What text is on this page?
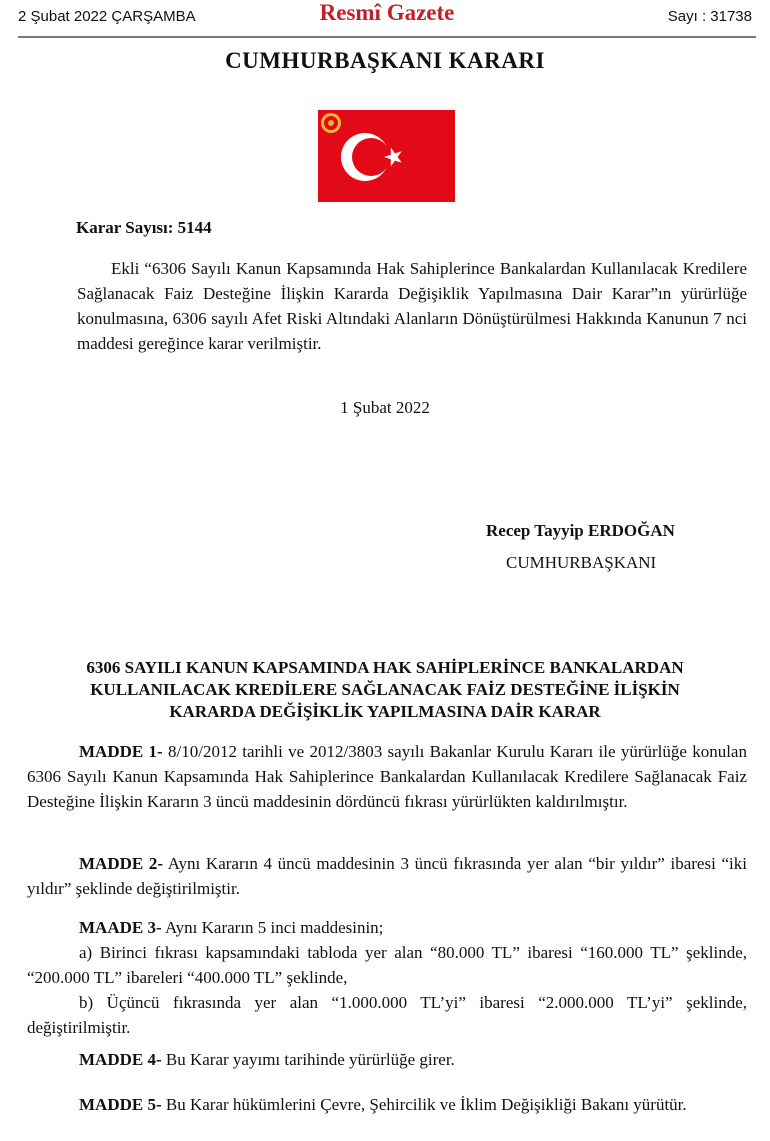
2 Şubat 2022 ÇARŞAMBA	Resmî Gazete	Sayı : 31738
CUMHURBAŞKANI KARARI
Karar Sayısı: 5144
Ekli “6306 Sayılı Kanun Kapsamında Hak Sahiplerince Bankalardan Kullanılacak Kredilere Sağlanacak Faiz Desteğine İlişkin Kararda Değişiklik Yapılmasına Dair Karar”ın yürürlüğe konulmasına, 6306 sayılı Afet Riski Altındaki Alanların Dönüştürülmesi Hakkında Kanunun 7 nci maddesi gereğince karar verilmiştir.
1 Şubat 2022
Recep Tayyip ERDOĞAN
CUMHURBAŞKANI
6306 SAYILI KANUN KAPSAMINDA HAK SAHİPLERİNCE BANKALARDAN
KULLANILACAK KREDİLERE SAĞLANACAK FAİZ DESTEĞİNE İLİŞKİN
KARARDA DEĞİŞİKLİK YAPILMASINA DAİR KARAR
MADDE 1- 8/10/2012 tarihli ve 2012/3803 sayılı Bakanlar Kurulu Kararı ile yürürlüğe konulan 6306 Sayılı Kanun Kapsamında Hak Sahiplerince Bankalardan Kullanılacak Kredilere Sağlanacak Faiz Desteğine İlişkin Kararın 3 üncü maddesinin dördüncü fıkrası yürürlükten kaldırılmıştır.
MADDE 2- Aynı Kararın 4 üncü maddesinin 3 üncü fıkrasında yer alan “bir yıldır” ibaresi “iki yıldır” şeklinde değiştirilmiştir.
MAADE 3- Aynı Kararın 5 inci maddesinin;
a) Birinci fıkrası kapsamındaki tabloda yer alan “80.000 TL” ibaresi “160.000 TL” şeklinde, “200.000 TL” ibareleri “400.000 TL” şeklinde,
b) Üçüncü fıkrasında yer alan “1.000.000 TL’yi” ibaresi “2.000.000 TL’yi” şeklinde, değiştirilmiştir.
MADDE 4- Bu Karar yayımı tarihinde yürürlüğe girer.
MADDE 5- Bu Karar hükümlerini Çevre, Şehircilik ve İklim Değişikliği Bakanı yürütür.
